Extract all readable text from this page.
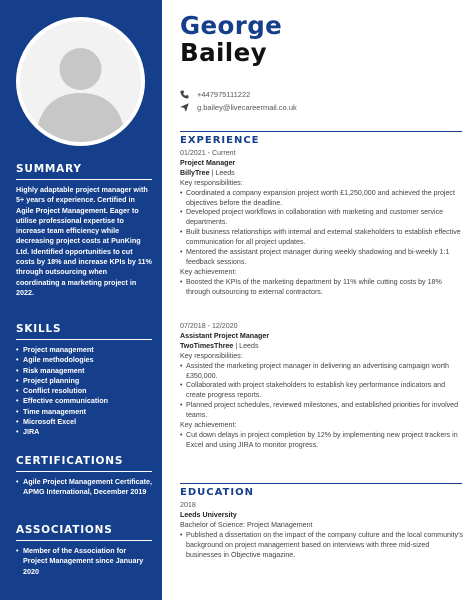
SUMMARY
Highly adaptable project manager with 5+ years of experience. Certified in Agile Project Management. Eager to utilise professional expertise to increase team efficiency while decreasing project costs at PunKing Ltd. Identified opportunities to cut costs by 18% and increase KPIs by 11% through outsourcing when coordinating a marketing project in 2022.
SKILLS
• Project management
• Agile methodologies
• Risk management
• Project planning
• Conflict resolution
• Effective communication
• Time management
• Microsoft Excel
• JIRA
CERTIFICATIONS
• Agile Project Management Certificate, APMG International, December 2019
ASSOCIATIONS
• Member of the Association for Project Management since January 2020
George
Bailey
+447975111222
g.bailey@livecareermail.co.uk
EXPERIENCE
01/2021 - Current
Project Manager
BillyTree | Leeds
Key responsibilities:
• Coordinated a company expansion project worth £1,250,000 and achieved the project objectives before the deadline.
• Developed project workflows in collaboration with marketing and customer service departments.
• Built business relationships with internal and external stakeholders to establish effective communication for all project updates.
• Mentored the assistant project manager during weekly shadowing and bi-weekly 1:1 feedback sessions.
Key achievement:
• Boosted the KPIs of the marketing department by 11% while cutting costs by 18% through outsourcing to external contractors.
07/2018 - 12/2020
Assistant Project Manager
TwoTimesThree | Leeds
Key responsibilities:
• Assisted the marketing project manager in delivering an advertising campaign worth £350,000.
• Collaborated with project stakeholders to establish key performance indicators and create progress reports.
• Planned project schedules, reviewed milestones, and established priorities for involved teams.
Key achievement:
• Cut down delays in project completion by 12% by implementing new project trackers in Excel and using JIRA to monitor progress.
EDUCATION
2018
Leeds University
Bachelor of Science: Project Management
• Published a dissertation on the impact of the company culture and the local community's background on project management based on interviews with three mid-sized businesses in Objective magazine.
